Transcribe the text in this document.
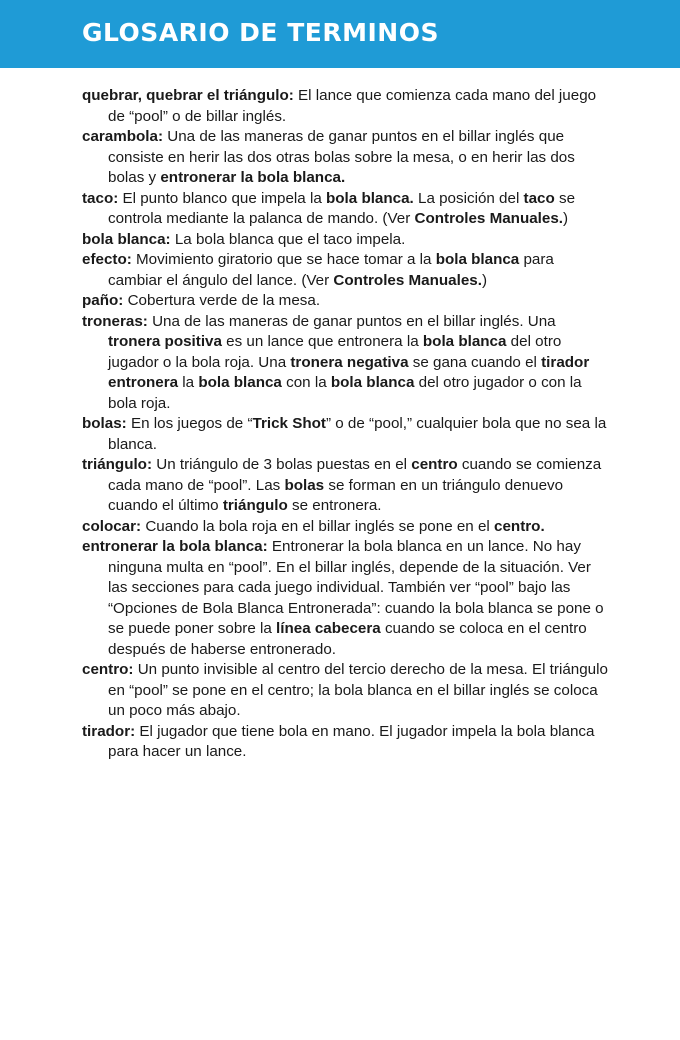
GLOSARIO DE TERMINOS

quebrar, quebrar el triángulo: El lance que comienza cada mano del juego de “pool” o de billar inglés.

carambola: Una de las maneras de ganar puntos en el billar inglés que consiste en herir las dos otras bolas sobre la mesa, o en herir las dos bolas y entronerar la bola blanca.

taco: El punto blanco que impela la bola blanca. La posición del taco se controla mediante la palanca de mando. (Ver Controles Manuales.)

bola blanca: La bola blanca que el taco impela.

efecto: Movimiento giratorio que se hace tomar a la bola blanca para cambiar el ángulo del lance. (Ver Controles Manuales.)

paño: Cobertura verde de la mesa.

troneras: Una de las maneras de ganar puntos en el billar inglés. Una tronera positiva es un lance que entronera la bola blanca del otro jugador o la bola roja. Una tronera negativa se gana cuando el tirador entronera la bola blanca con la bola blanca del otro jugador o con la bola roja.

bolas: En los juegos de “Trick Shot” o de “pool,” cualquier bola que no sea la blanca.

triángulo: Un triángulo de 3 bolas puestas en el centro cuando se comienza cada mano de “pool”. Las bolas se forman en un triángulo denuevo cuando el último triángulo se entronera.

colocar: Cuando la bola roja en el billar inglés se pone en el centro.

entronerar la bola blanca: Entronerar la bola blanca en un lance. No hay ninguna multa en “pool”. En el billar inglés, depende de la situación. Ver las secciones para cada juego individual. También ver “pool” bajo las “Opciones de Bola Blanca Entronerada”: cuando la bola blanca se pone o se puede poner sobre la línea cabecera cuando se coloca en el centro después de haberse entronerado.

centro: Un punto invisible al centro del tercio derecho de la mesa. El triángulo en “pool” se pone en el centro; la bola blanca en el billar inglés se coloca un poco más abajo.

tirador: El jugador que tiene bola en mano. El jugador impela la bola blanca para hacer un lance.
